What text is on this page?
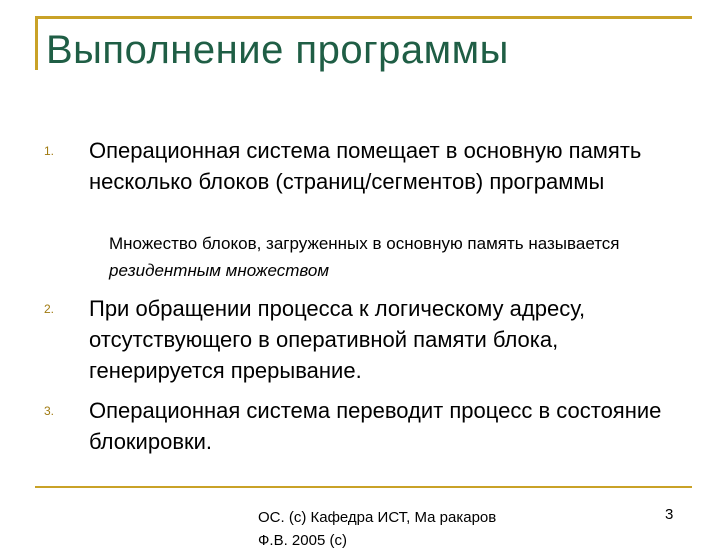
Выполнение программы
1. Операционная система помещает в основную память несколько блоков (страниц/сегментов) программы
Множество блоков, загруженных в основную память называется резидентным множеством
2. При обращении процесса к логическому адресу, отсутствующего в оперативной памяти блока, генерируется прерывание.
3. Операционная система переводит процесс в состояние блокировки.
ОС. (с) Кафедра ИСТ, Ма ракаров Ф.В. 2005 (с)
3
